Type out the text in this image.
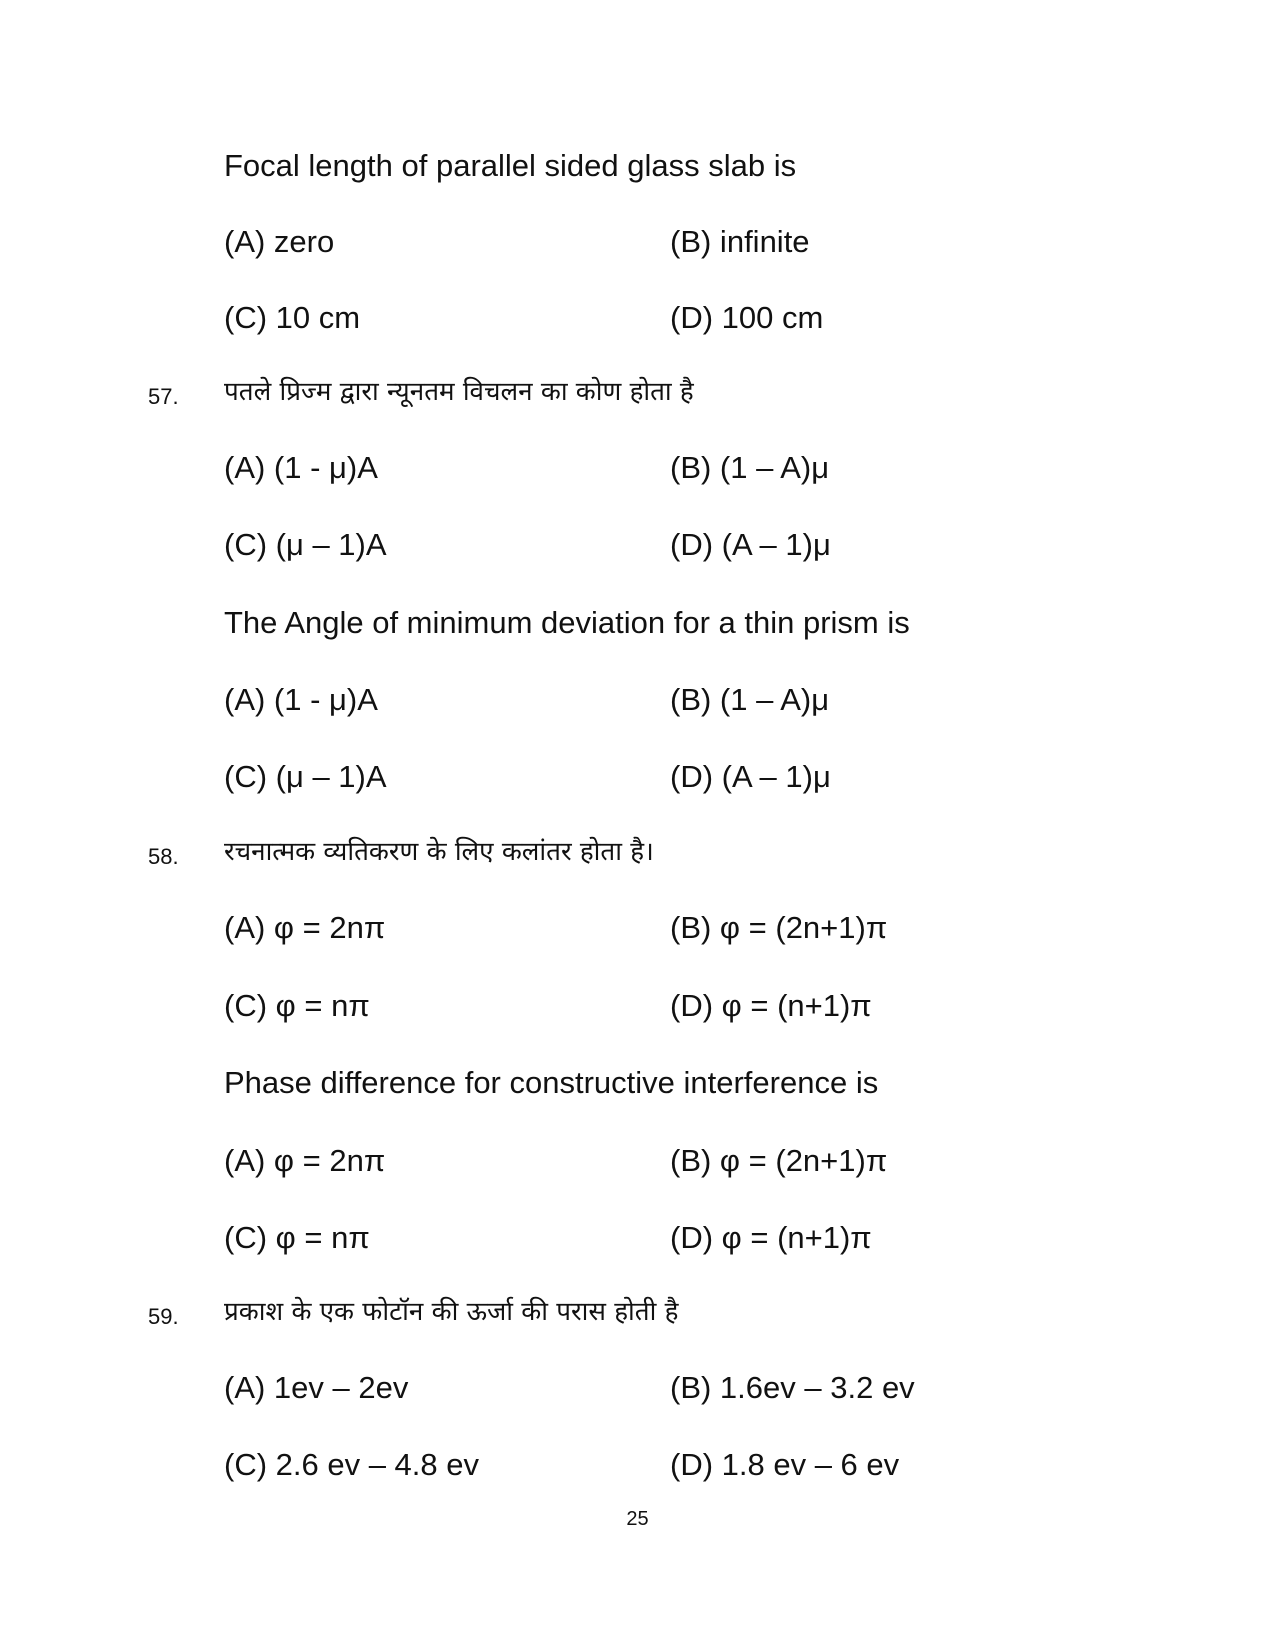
Focal length of parallel sided glass slab is
(A) zero	(B) infinite
(C) 10 cm	(D) 100 cm
57. पतले प्रिज्म द्वारा न्यूनतम विचलन का कोण होता है
(A) (1 - μ)A	(B) (1 – A)μ
(C) (μ – 1)A	(D) (A – 1)μ
The Angle of minimum deviation for a thin prism is
(A) (1 - μ)A	(B) (1 – A)μ
(C) (μ – 1)A	(D) (A – 1)μ
58. रचनात्मक व्यतिकरण के लिए कलांतर होता है।
(A) φ = 2nπ	(B) φ = (2n+1)π
(C) φ = nπ	(D) φ = (n+1)π
Phase difference for constructive interference is
(A) φ = 2nπ	(B) φ = (2n+1)π
(C) φ = nπ	(D) φ = (n+1)π
59. प्रकाश के एक फोटॉन की ऊर्जा की परास होती है
(A) 1ev – 2ev	(B) 1.6ev – 3.2 ev
(C) 2.6 ev – 4.8 ev	(D) 1.8 ev – 6 ev
25
